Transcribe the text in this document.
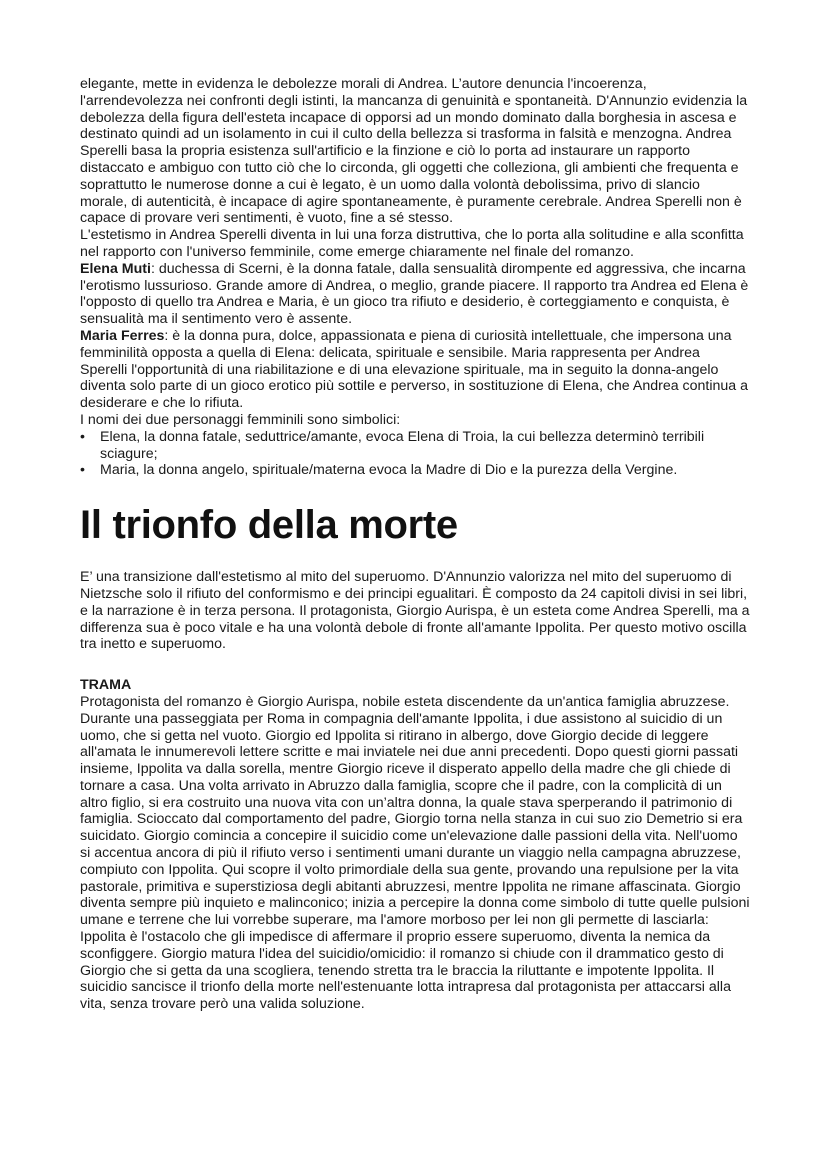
elegante, mette in evidenza le debolezze morali di Andrea. L’autore denuncia l'incoerenza, l'arrendevolezza nei confronti degli istinti, la mancanza di genuinità e spontaneità. D'Annunzio evidenzia la debolezza della figura dell'esteta incapace di opporsi ad un mondo dominato dalla borghesia in ascesa e destinato quindi ad un isolamento in cui il culto della bellezza si trasforma in falsità e menzogna. Andrea Sperelli basa la propria esistenza sull'artificio e la finzione e ciò lo porta ad instaurare un rapporto distaccato e ambiguo con tutto ciò che lo circonda, gli oggetti che colleziona, gli ambienti che frequenta e soprattutto le numerose donne a cui è legato, è un uomo dalla volontà debolissima, privo di slancio morale, di autenticità, è incapace di agire spontaneamente, è puramente cerebrale. Andrea Sperelli non è capace di provare veri sentimenti, è vuoto, fine a sé stesso.

L'estetismo in Andrea Sperelli diventa in lui una forza distruttiva, che lo porta alla solitudine e alla sconfitta nel rapporto con l'universo femminile, come emerge chiaramente nel finale del romanzo.

Elena Muti: duchessa di Scerni, è la donna fatale, dalla sensualità dirompente ed aggressiva, che incarna l'erotismo lussurioso. Grande amore di Andrea, o meglio, grande piacere. Il rapporto tra Andrea ed Elena è l'opposto di quello tra Andrea e Maria, è un gioco tra rifiuto e desiderio, è corteggiamento e conquista, è sensualità ma il sentimento vero è assente.

Maria Ferres: è la donna pura, dolce, appassionata e piena di curiosità intellettuale, che impersona una femminilità opposta a quella di Elena: delicata, spirituale e sensibile. Maria rappresenta per Andrea Sperelli l'opportunità di una riabilitazione e di una elevazione spirituale, ma in seguito la donna-angelo diventa solo parte di un gioco erotico più sottile e perverso, in sostituzione di Elena, che Andrea continua a desiderare e che lo rifiuta.

I nomi dei due personaggi femminili sono simbolici:

• Elena, la donna fatale, seduttrice/amante, evoca Elena di Troia, la cui bellezza determinò terribili sciagure;
• Maria, la donna angelo, spirituale/materna evoca la Madre di Dio e la purezza della Vergine.
Il trionfo della morte

E’ una transizione dall'estetismo al mito del superuomo. D'Annunzio valorizza nel mito del superuomo di Nietzsche solo il rifiuto del conformismo e dei principi egualitari. È composto da 24 capitoli divisi in sei libri, e la narrazione è in terza persona. Il protagonista, Giorgio Aurispa, è un esteta come Andrea Sperelli, ma a differenza sua è poco vitale e ha una volontà debole di fronte all'amante Ippolita. Per questo motivo oscilla tra inetto e superuomo.

TRAMA

Protagonista del romanzo è Giorgio Aurispa, nobile esteta discendente da un'antica famiglia abruzzese.

Durante una passeggiata per Roma in compagnia dell'amante Ippolita, i due assistono al suicidio di un uomo, che si getta nel vuoto. Giorgio ed Ippolita si ritirano in albergo, dove Giorgio decide di leggere all'amata le innumerevoli lettere scritte e mai inviatele nei due anni precedenti. Dopo questi giorni passati insieme, Ippolita va dalla sorella, mentre Giorgio riceve il disperato appello della madre che gli chiede di tornare a casa. Una volta arrivato in Abruzzo dalla famiglia, scopre che il padre, con la complicità di un altro figlio, si era costruito una nuova vita con un’altra donna, la quale stava sperperando il patrimonio di famiglia. Scioccato dal comportamento del padre, Giorgio torna nella stanza in cui suo zio Demetrio si era suicidato. Giorgio comincia a concepire il suicidio come un'elevazione dalle passioni della vita. Nell'uomo si accentua ancora di più il rifiuto verso i sentimenti umani durante un viaggio nella campagna abruzzese, compiuto con Ippolita. Qui scopre il volto primordiale della sua gente, provando una repulsione per la vita pastorale, primitiva e superstiziosa degli abitanti abruzzesi, mentre Ippolita ne rimane affascinata. Giorgio diventa sempre più inquieto e malinconico; inizia a percepire la donna come simbolo di tutte quelle pulsioni umane e terrene che lui vorrebbe superare, ma l'amore morboso per lei non gli permette di lasciarla: Ippolita è l'ostacolo che gli impedisce di affermare il proprio essere superuomo, diventa la nemica da sconfiggere. Giorgio matura l'idea del suicidio/omicidio: il romanzo si chiude con il drammatico gesto di Giorgio che si getta da una scogliera, tenendo stretta tra le braccia la riluttante e impotente Ippolita. Il suicidio sancisce il trionfo della morte nell'estenuante lotta intrapresa dal protagonista per attaccarsi alla vita, senza trovare però una valida soluzione.
